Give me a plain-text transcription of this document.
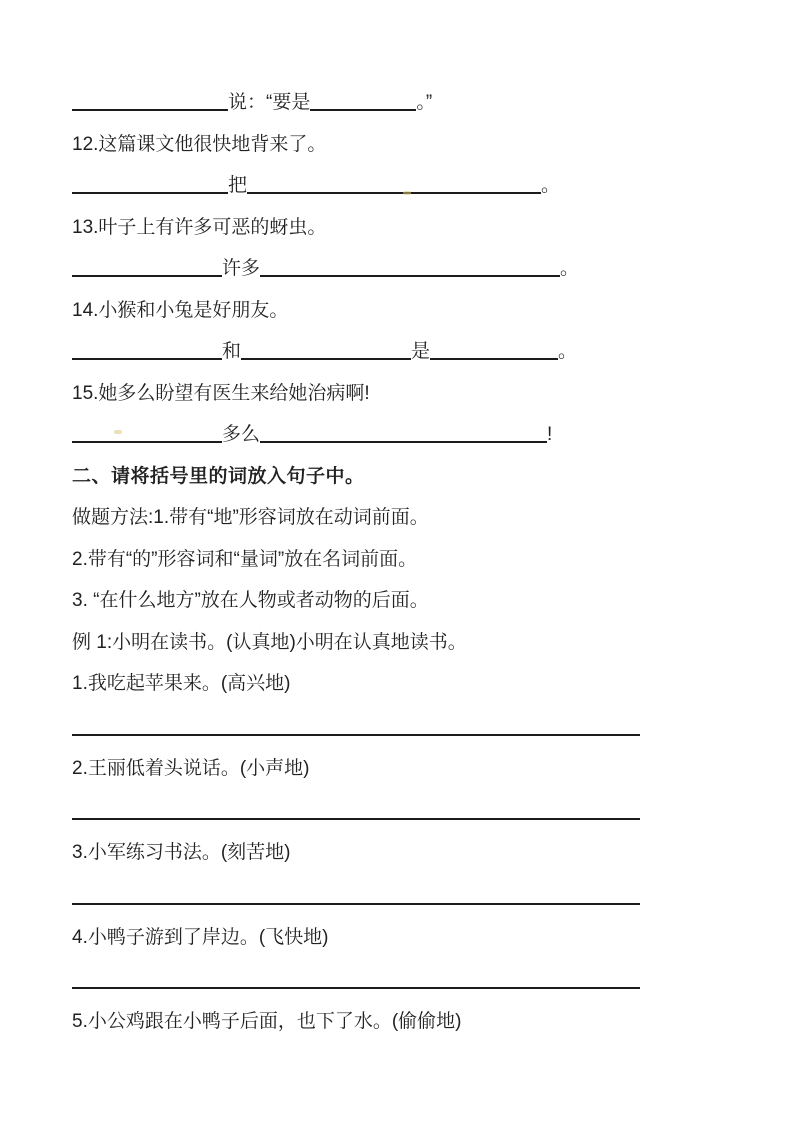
说：“要是	。”
12.这篇课文他很快地背来了。
把	。
13.叶子上有许多可恶的蚜虫。
许多	。
14.小猴和小兔是好朋友。
和	是	。
15.她多么盼望有医生来给她治病啊!
多么	!
二、请将括号里的词放入句子中。
做题方法:1.带有“地”形容词放在动词前面。
2.带有“的”形容词和“量词”放在名词前面。
3. “在什么地方”放在人物或者动物的后面。
例 1:小明在读书。(认真地)小明在认真地读书。
1.我吃起苹果来。(高兴地)
2.王丽低着头说话。(小声地)
3.小军练习书法。(刻苦地)
4.小鸭子游到了岸边。(飞快地)
5.小公鸡跟在小鸭子后面，也下了水。(偷偷地)
